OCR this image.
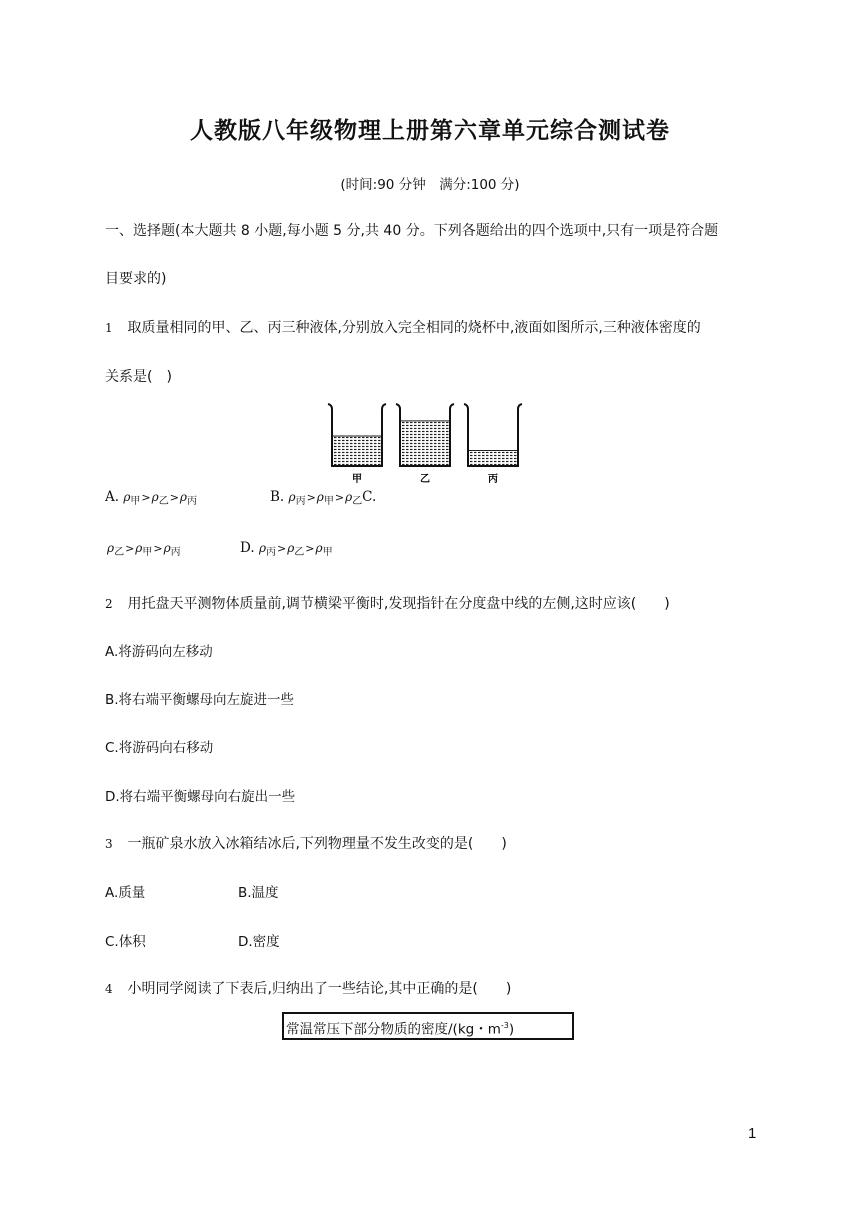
人教版八年级物理上册第六章单元综合测试卷
(时间:90 分钟　满分:100 分)
一、选择题(本大题共 8 小题,每小题 5 分,共 40 分。下列各题给出的四个选项中,只有一项是符合题
目要求的)
1 取质量相同的甲、乙、丙三种液体,分别放入完全相同的烧杯中,液面如图所示,三种液体密度的
关系是(　)
甲	乙	丙
A. $\rho_甲>\rho_乙>\rho_丙$	B. $\rho_丙>\rho_甲>\rho_乙C$.
$\rho_乙>\rho_甲>\rho_丙$	D. $\rho_丙>\rho_乙>\rho_甲$
2 用托盘天平测物体质量前,调节横梁平衡时,发现指针在分度盘中线的左侧,这时应该(　　)
A.将游码向左移动
B.将右端平衡螺母向左旋进一些
C.将游码向右移动
D.将右端平衡螺母向右旋出一些
3 一瓶矿泉水放入冰箱结冰后,下列物理量不发生改变的是(　　)
A.质量	B.温度
C.体积	D.密度
4 小明同学阅读了下表后,归纳出了一些结论,其中正确的是(　　)
常温常压下部分物质的密度/(kg・$m^{-3}$)
1
